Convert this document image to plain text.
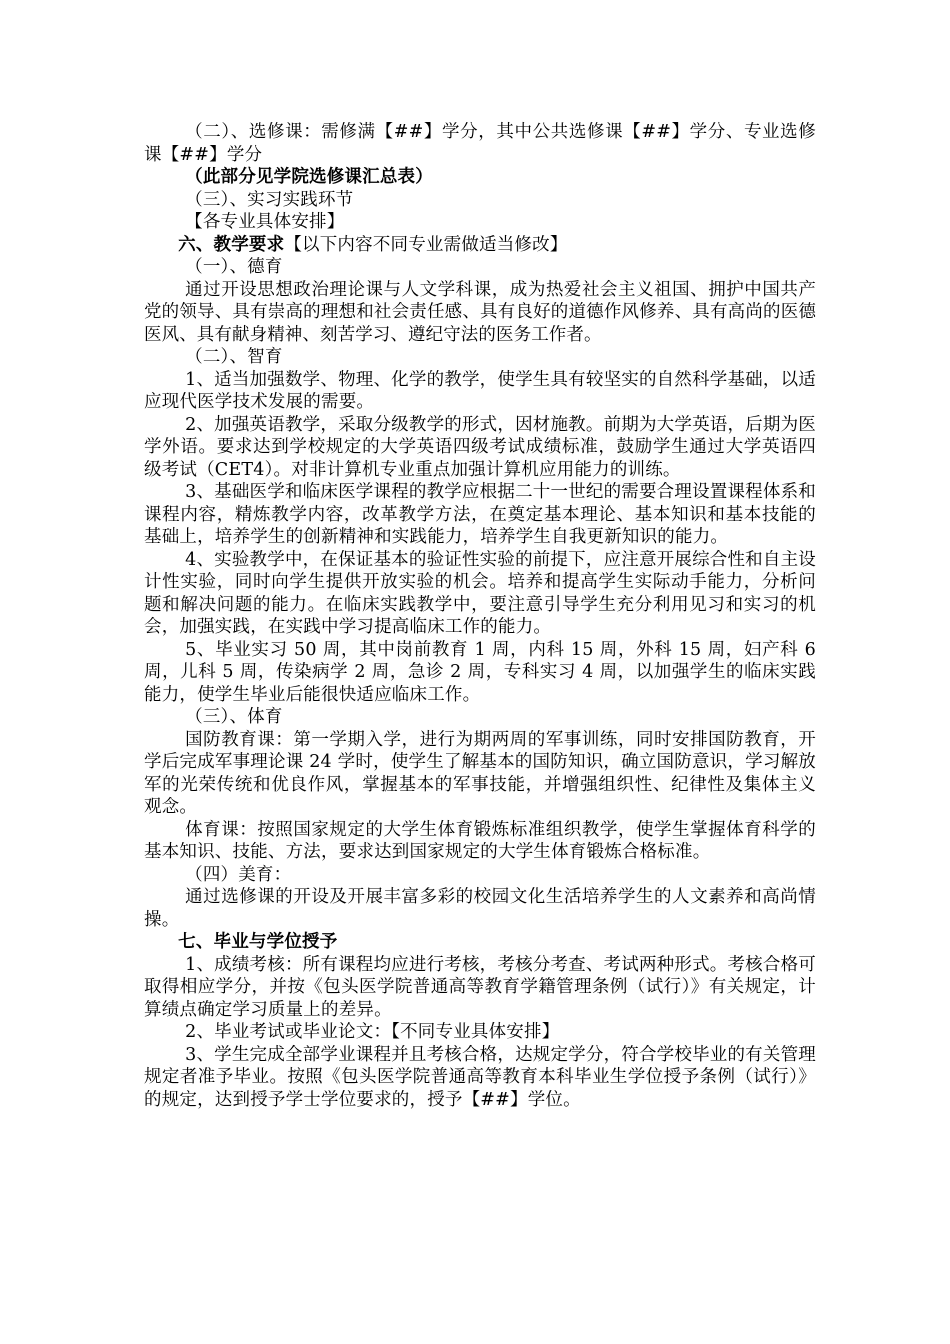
（二）、选修课：需修满【##】学分，其中公共选修课【##】学分、专业选修课【##】学分

（此部分见学院选修课汇总表）

（三）、实习实践环节

【各专业具体安排】

六、教学要求【以下内容不同专业需做适当修改】

（一）、德育

通过开设思想政治理论课与人文学科课，成为热爱社会主义祖国、拥护中国共产党的领导、具有崇高的理想和社会责任感、具有良好的道德作风修养、具有高尚的医德医风、具有献身精神、刻苦学习、遵纪守法的医务工作者。

（二）、智育

1、适当加强数学、物理、化学的教学，使学生具有较坚实的自然科学基础，以适应现代医学技术发展的需要。

2、加强英语教学，采取分级教学的形式，因材施教。前期为大学英语，后期为医学外语。要求达到学校规定的大学英语四级考试成绩标准，鼓励学生通过大学英语四级考试（CET4）。对非计算机专业重点加强计算机应用能力的训练。

3、基础医学和临床医学课程的教学应根据二十一世纪的需要合理设置课程体系和课程内容，精炼教学内容，改革教学方法，在奠定基本理论、基本知识和基本技能的基础上，培养学生的创新精神和实践能力，培养学生自我更新知识的能力。

4、实验教学中，在保证基本的验证性实验的前提下，应注意开展综合性和自主设计性实验，同时向学生提供开放实验的机会。培养和提高学生实际动手能力，分析问题和解决问题的能力。在临床实践教学中，要注意引导学生充分利用见习和实习的机会，加强实践，在实践中学习提高临床工作的能力。

5、毕业实习 50 周，其中岗前教育 1 周，内科 15 周，外科 15 周，妇产科 6 周，儿科 5 周，传染病学 2 周，急诊 2 周，专科实习 4 周，以加强学生的临床实践能力，使学生毕业后能很快适应临床工作。

（三）、体育

国防教育课：第一学期入学，进行为期两周的军事训练，同时安排国防教育，开学后完成军事理论课 24 学时，使学生了解基本的国防知识，确立国防意识，学习解放军的光荣传统和优良作风，掌握基本的军事技能，并增强组织性、纪律性及集体主义观念。

体育课：按照国家规定的大学生体育锻炼标准组织教学，使学生掌握体育科学的基本知识、技能、方法，要求达到国家规定的大学生体育锻炼合格标准。

（四）美育：

通过选修课的开设及开展丰富多彩的校园文化生活培养学生的人文素养和高尚情操。

七、毕业与学位授予

1、成绩考核：所有课程均应进行考核，考核分考查、考试两种形式。考核合格可取得相应学分，并按《包头医学院普通高等教育学籍管理条例（试行）》有关规定，计算绩点确定学习质量上的差异。

2、毕业考试或毕业论文：【不同专业具体安排】

3、学生完成全部学业课程并且考核合格，达规定学分，符合学校毕业的有关管理规定者准予毕业。按照《包头医学院普通高等教育本科毕业生学位授予条例（试行）》的规定，达到授予学士学位要求的，授予【##】学位。
